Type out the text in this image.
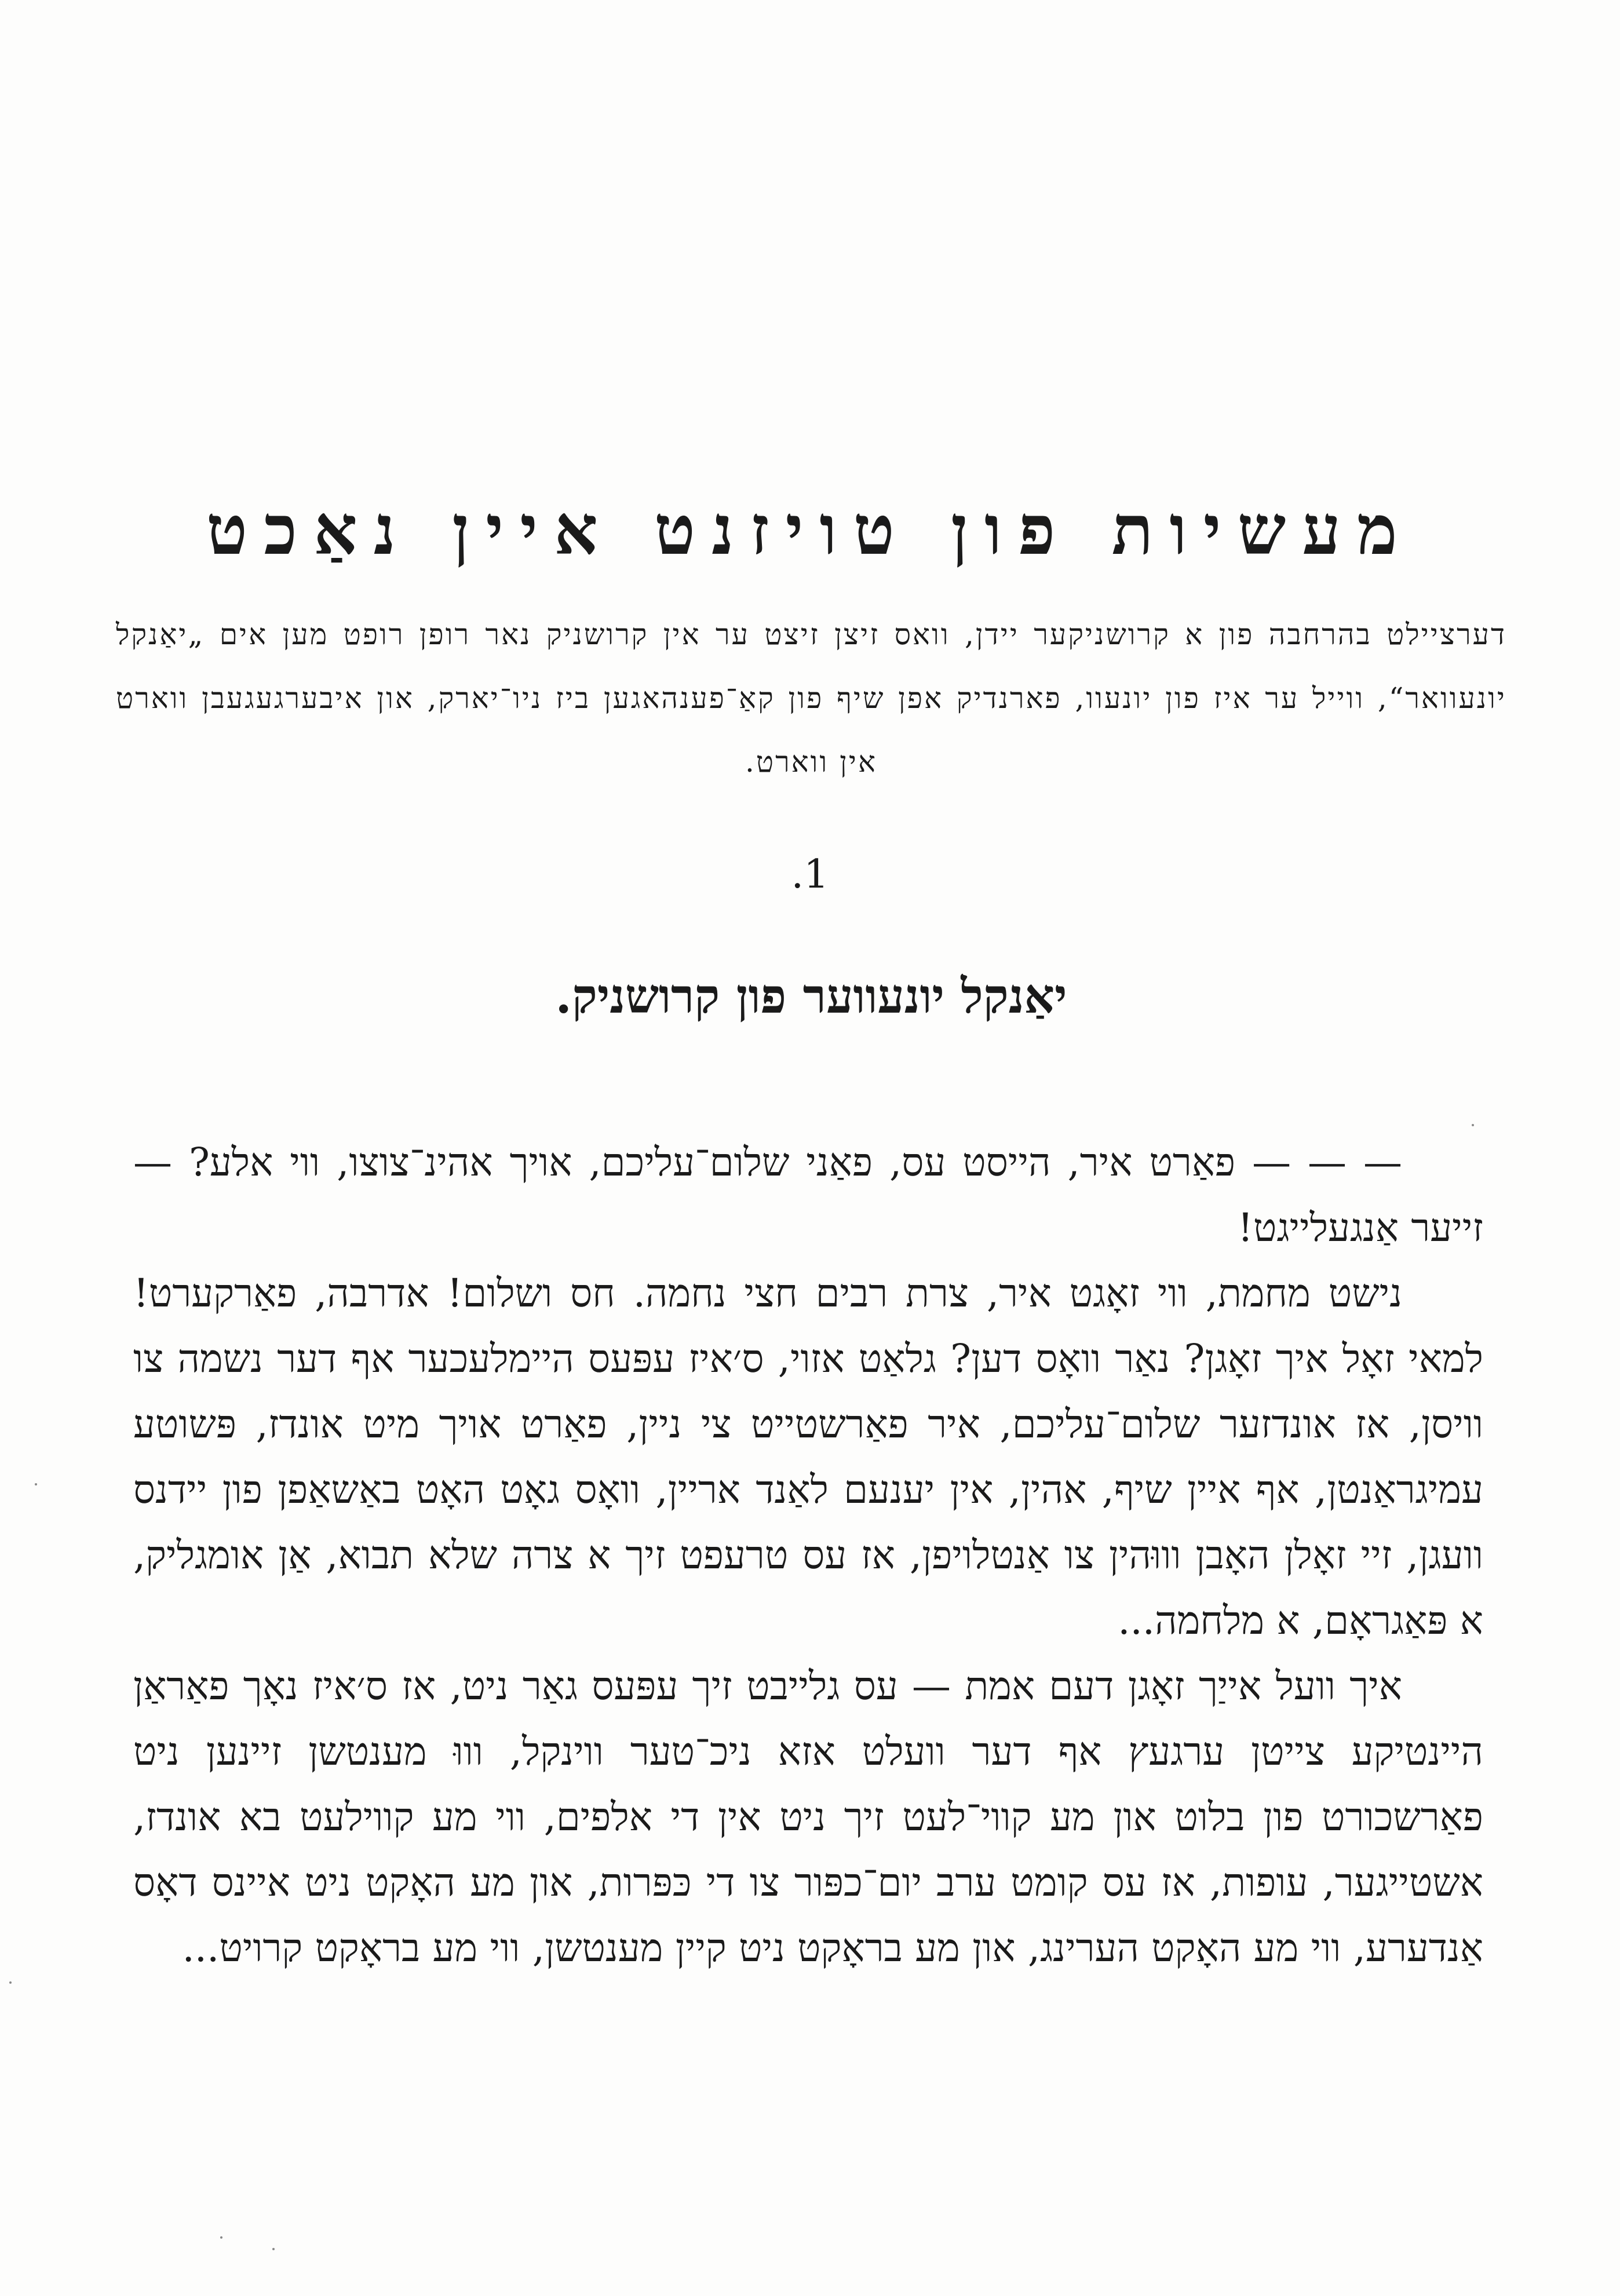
מעשיות פון טויזנט איין נאַכט
דערציילט בהרחבה פון א קרושניקער יידן, וואס זיצן זיצט ער אין קרושניק נאר רופן רופט מען אים „יאַנקל יונעוואר“, ווייל ער איז פון יונעוו, פארנדיק אפן שיף פון קאַ־פענהאגען ביז ניו־יארק, און איבערגעגעבן ווארט אין ווארט.
.1
יאַנקל יונעווער פון קרושניק.

— — — פאַרט איר, הייסט עס, פאַני שלום־עליכם, אויך אהינ־צוצו, ווי אלע? — זייער אַנגעלייגט!

נישט מחמת, ווי זאָגט איר, צרת רבים חצי נחמה. חס ושלום! אדרבה, פאַרקערט! למאי זאָל איך זאָגן? נאַר וואָס דען? גלאַט אזוי, ס׳איז עפּעס היימלעכער אף דער נשמה צו וויסן, אז אונדזער שלום־עליכם, איר פאַרשטייט צי ניין, פאַרט אויך מיט אונדז, פּשוטע עמיגראַנטן, אף איין שיף, אהין, אין יענעם לאַנד אריין, וואָס גאָט האָט באַשאַפן פון יידנס וועגן, זיי זאָלן האָבן וווּהין צו אַנטלויפן, אז עס טרעפט זיך א צרה שלא תבוא, אַן אומגליק, א פּאַגראָם, א מלחמה...

איך וועל אייַך זאָגן דעם אמת — עס גלייבט זיך עפּעס גאַר ניט, אז ס׳איז נאָך פאַראַן היינטיקע צייטן ערגעץ אף דער וועלט אזא ניכ־טער ווינקל, וווּ מענטשן זיינען ניט פאַרשכורט פון בלוט און מע קווי־לעט זיך ניט אין די אלפים, ווי מע קווילעט בא אונדז, אשטייגער, עופות, אז עס קומט ערב יום־כפּור צו די כּפּרות, און מע האָקט ניט איינס דאָס אַנדערע, ווי מע האָקט הערינג, און מע בראָקט ניט קיין מענטשן, ווי מע בראָקט קרויט...
